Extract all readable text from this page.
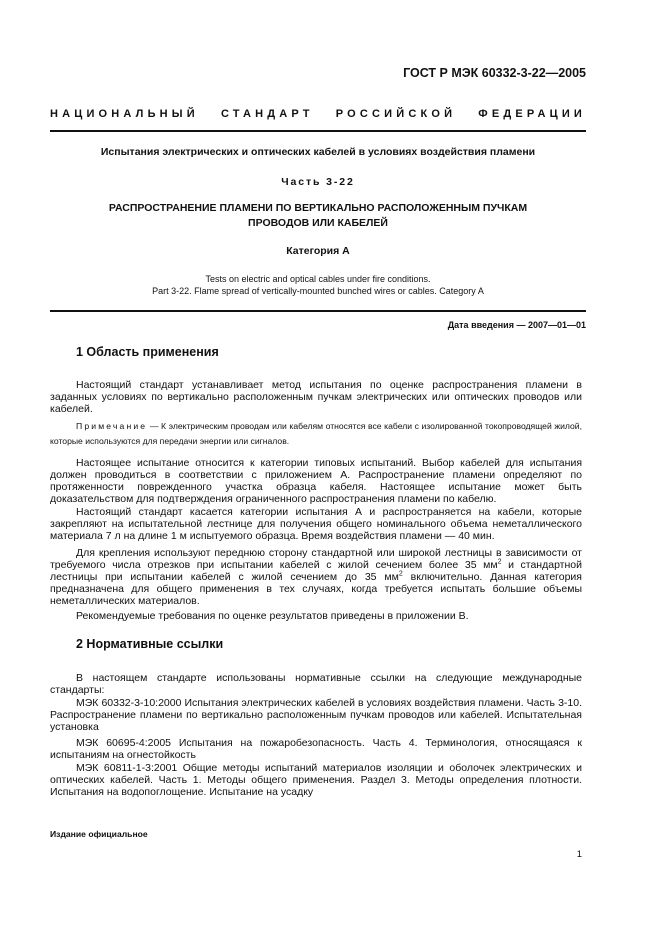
ГОСТ Р МЭК 60332-3-22—2005
НАЦИОНАЛЬНЫЙ СТАНДАРТ РОССИЙСКОЙ ФЕДЕРАЦИИ
Испытания электрических и оптических кабелей в условиях воздействия пламени
Часть 3-22
РАСПРОСТРАНЕНИЕ ПЛАМЕНИ ПО ВЕРТИКАЛЬНО РАСПОЛОЖЕННЫМ ПУЧКАМ
ПРОВОДОВ ИЛИ КАБЕЛЕЙ
Категория А
Tests on electric and optical cables under fire conditions.
Part 3-22. Flame spread of vertically-mounted bunched wires or cables. Category A
Дата введения — 2007—01—01
1 Область применения
Настоящий стандарт устанавливает метод испытания по оценке распространения пламени в заданных условиях по вертикально расположенным пучкам электрических или оптических проводов или кабелей.
Примечание — К электрическим проводам или кабелям относятся все кабели с изолированной токопроводящей жилой, которые используются для передачи энергии или сигналов.
Настоящее испытание относится к категории типовых испытаний. Выбор кабелей для испытания должен проводиться в соответствии с приложением А. Распространение пламени определяют по протяженности поврежденного участка образца кабеля. Настоящее испытание может быть доказательством для подтверждения ограниченного распространения пламени по кабелю.
Настоящий стандарт касается категории испытания А и распространяется на кабели, которые закрепляют на испытательной лестнице для получения общего номинального объема неметаллического материала 7 л на длине 1 м испытуемого образца. Время воздействия пламени — 40 мин.
Для крепления используют переднюю сторону стандартной или широкой лестницы в зависимости от требуемого числа отрезков при испытании кабелей с жилой сечением более 35 $мм^2$ и стандартной лестницы при испытании кабелей с жилой сечением до 35 $мм^2$ включительно. Данная категория предназначена для общего применения в тех случаях, когда требуется испытать большие объемы неметаллических материалов.
Рекомендуемые требования по оценке результатов приведены в приложении В.
2 Нормативные ссылки
В настоящем стандарте использованы нормативные ссылки на следующие международные стандарты:
МЭК 60332-3-10:2000 Испытания электрических кабелей в условиях воздействия пламени. Часть 3-10. Распространение пламени по вертикально расположенным пучкам проводов или кабелей. Испытательная установка
МЭК 60695-4:2005 Испытания на пожаробезопасность. Часть 4. Терминология, относящаяся к испытаниям на огнестойкость
МЭК 60811-1-3:2001 Общие методы испытаний материалов изоляции и оболочек электрических и оптических кабелей. Часть 1. Методы общего применения. Раздел 3. Методы определения плотности. Испытания на водопоглощение. Испытание на усадку
Издание официальное
1
